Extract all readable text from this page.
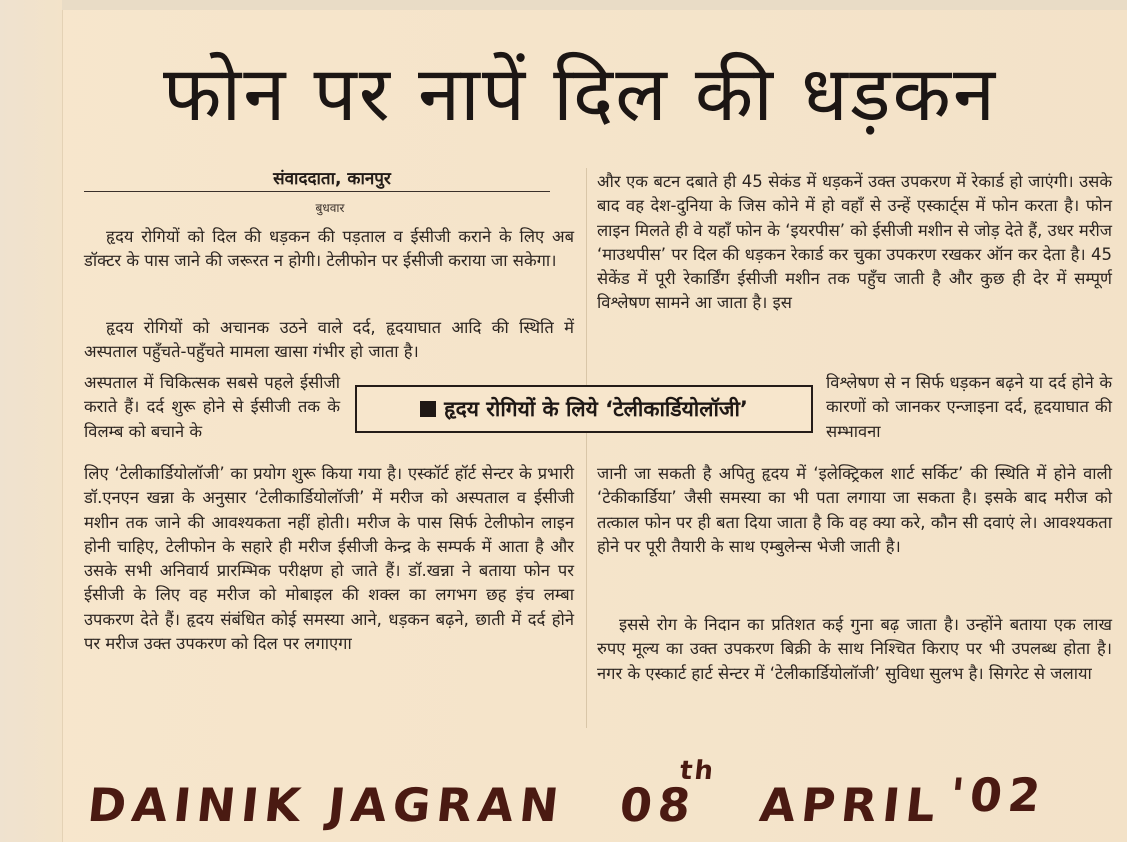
फोन पर नापें दिल की धड़कन
संवाददाता, कानपुर
बुधवार

हृदय रोगियों को दिल की धड़कन की पड़ताल व ईसीजी कराने के लिए अब डॉक्टर के पास जाने की जरूरत न होगी। टेलीफोन पर ईसीजी कराया जा सकेगा।

हृदय रोगियों को अचानक उठने वाले दर्द, हृदयाघात आदि की स्थिति में अस्पताल पहुँचते-पहुँचते मामला खासा गंभीर हो जाता है।

अस्पताल में चिकित्सक सबसे पहले ईसीजी कराते हैं। दर्द शुरू होने से ईसीजी तक के विलम्ब को बचाने के

लिए ‘टेलीकार्डियोलॉजी’ का प्रयोग शुरू किया गया है। एस्कॉर्ट हॉर्ट सेन्टर के प्रभारी डॉ.एनएन खन्ना के अनुसार ‘टेलीकार्डियोलॉजी’ में मरीज को अस्पताल व ईसीजी मशीन तक जाने की आवश्यकता नहीं होती। मरीज के पास सिर्फ टेलीफोन लाइन होनी चाहिए, टेलीफोन के सहारे ही मरीज ईसीजी केन्द्र के सम्पर्क में आता है और उसके सभी अनिवार्य प्रारम्भिक परीक्षण हो जाते हैं। डॉ.खन्ना ने बताया फोन पर ईसीजी के लिए वह मरीज को मोबाइल की शक्ल का लगभग छह इंच लम्बा उपकरण देते हैं। हृदय संबंधित कोई समस्या आने, धड़कन बढ़ने, छाती में दर्द होने पर मरीज उक्त उपकरण को दिल पर लगाएगा

और एक बटन दबाते ही 45 सेकंड में धड़कनें उक्त उपकरण में रेकार्ड हो जाएंगी। उसके बाद वह देश-दुनिया के जिस कोने में हो वहाँ से उन्हें एस्कार्ट्स में फोन करता है। फोन लाइन मिलते ही वे यहाँ फोन के ‘इयरपीस’ को ईसीजी मशीन से जोड़ देते हैं, उधर मरीज ‘माउथपीस’ पर दिल की धड़कन रेकार्ड कर चुका उपकरण रखकर ऑन कर देता है। 45 सेकेंड में पूरी रेकार्डिंग ईसीजी मशीन तक पहुँच जाती है और कुछ ही देर में सम्पूर्ण विश्लेषण सामने आ जाता है। इस

विश्लेषण से न सिर्फ धड़कन बढ़ने या दर्द होने के कारणों को जानकर एन्जाइना दर्द, हृदयाघात की सम्भावना

जानी जा सकती है अपितु हृदय में ‘इलेक्ट्रिकल शार्ट सर्किट’ की स्थिति में होने वाली ‘टेकीकार्डिया’ जैसी समस्या का भी पता लगाया जा सकता है। इसके बाद मरीज को तत्काल फोन पर ही बता दिया जाता है कि वह क्या करे, कौन सी दवाएं ले। आवश्यकता होने पर पूरी तैयारी के साथ एम्बुलेन्स भेजी जाती है।

इससे रोग के निदान का प्रतिशत कई गुना बढ़ जाता है। उन्होंने बताया एक लाख रुपए मूल्य का उक्त उपकरण बिक्री के साथ निश्चित किराए पर भी उपलब्ध होता है। नगर के एस्कार्ट हार्ट सेन्टर में ‘टेलीकार्डियोलॉजी’ सुविधा सुलभ है। सिगरेट से जलाया

हृदय रोगियों के लिये ‘टेलीकार्डियोलॉजी’
DAINIK JAGRAN 08
th
APRIL '02
